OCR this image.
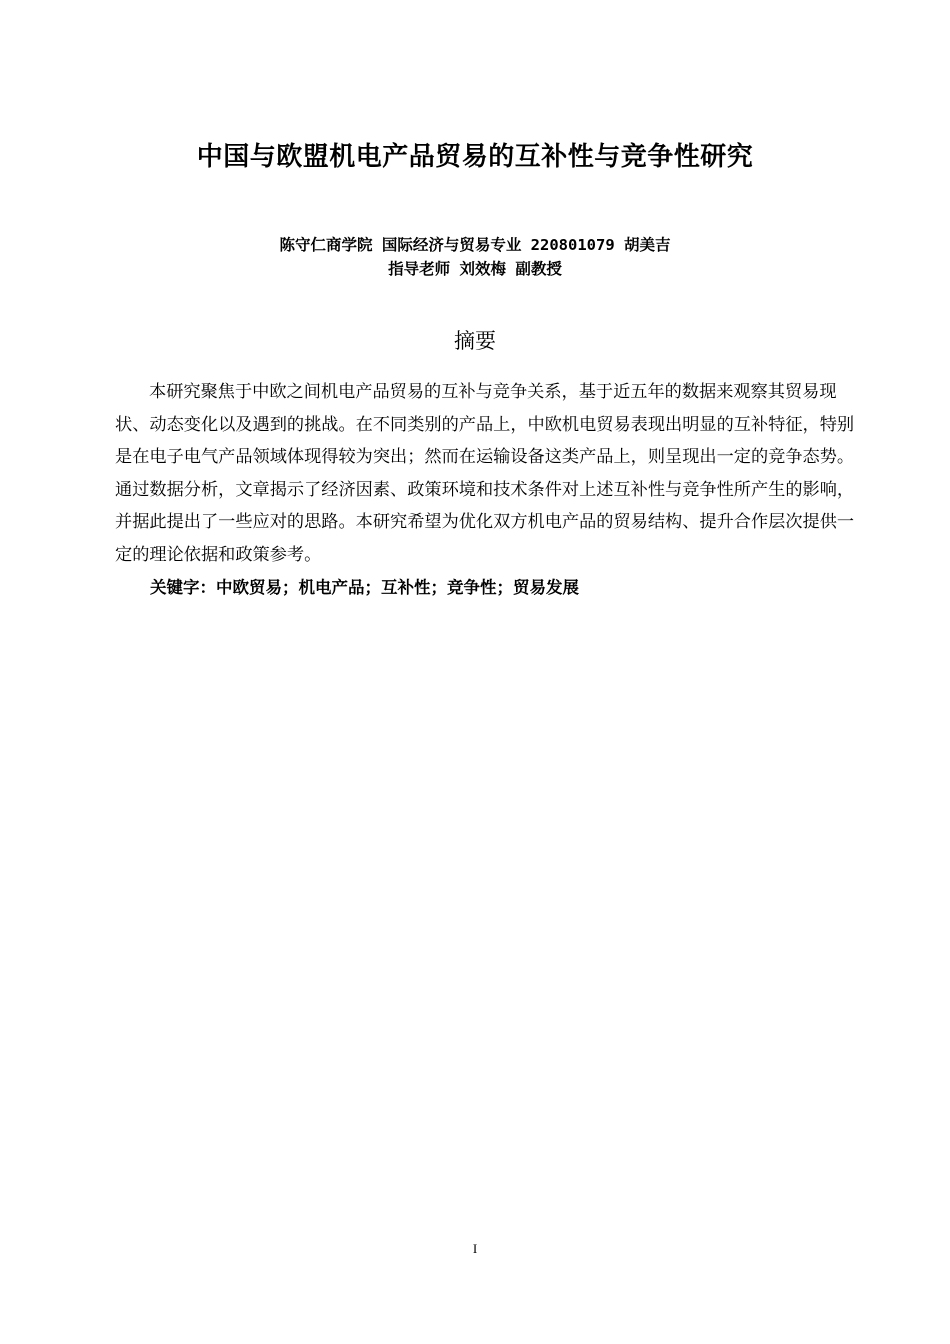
中国与欧盟机电产品贸易的互补性与竞争性研究
陈守仁商学院 国际经济与贸易专业 220801079 胡美吉
指导老师 刘效梅 副教授
摘要
本研究聚焦于中欧之间机电产品贸易的互补与竞争关系，基于近五年的数据来观察其贸易现状、动态变化以及遇到的挑战。在不同类别的产品上，中欧机电贸易表现出明显的互补特征，特别是在电子电气产品领域体现得较为突出；然而在运输设备这类产品上，则呈现出一定的竞争态势。通过数据分析，文章揭示了经济因素、政策环境和技术条件对上述互补性与竞争性所产生的影响，并据此提出了一些应对的思路。本研究希望为优化双方机电产品的贸易结构、提升合作层次提供一定的理论依据和政策参考。
关键字：中欧贸易；机电产品；互补性；竞争性；贸易发展
I
